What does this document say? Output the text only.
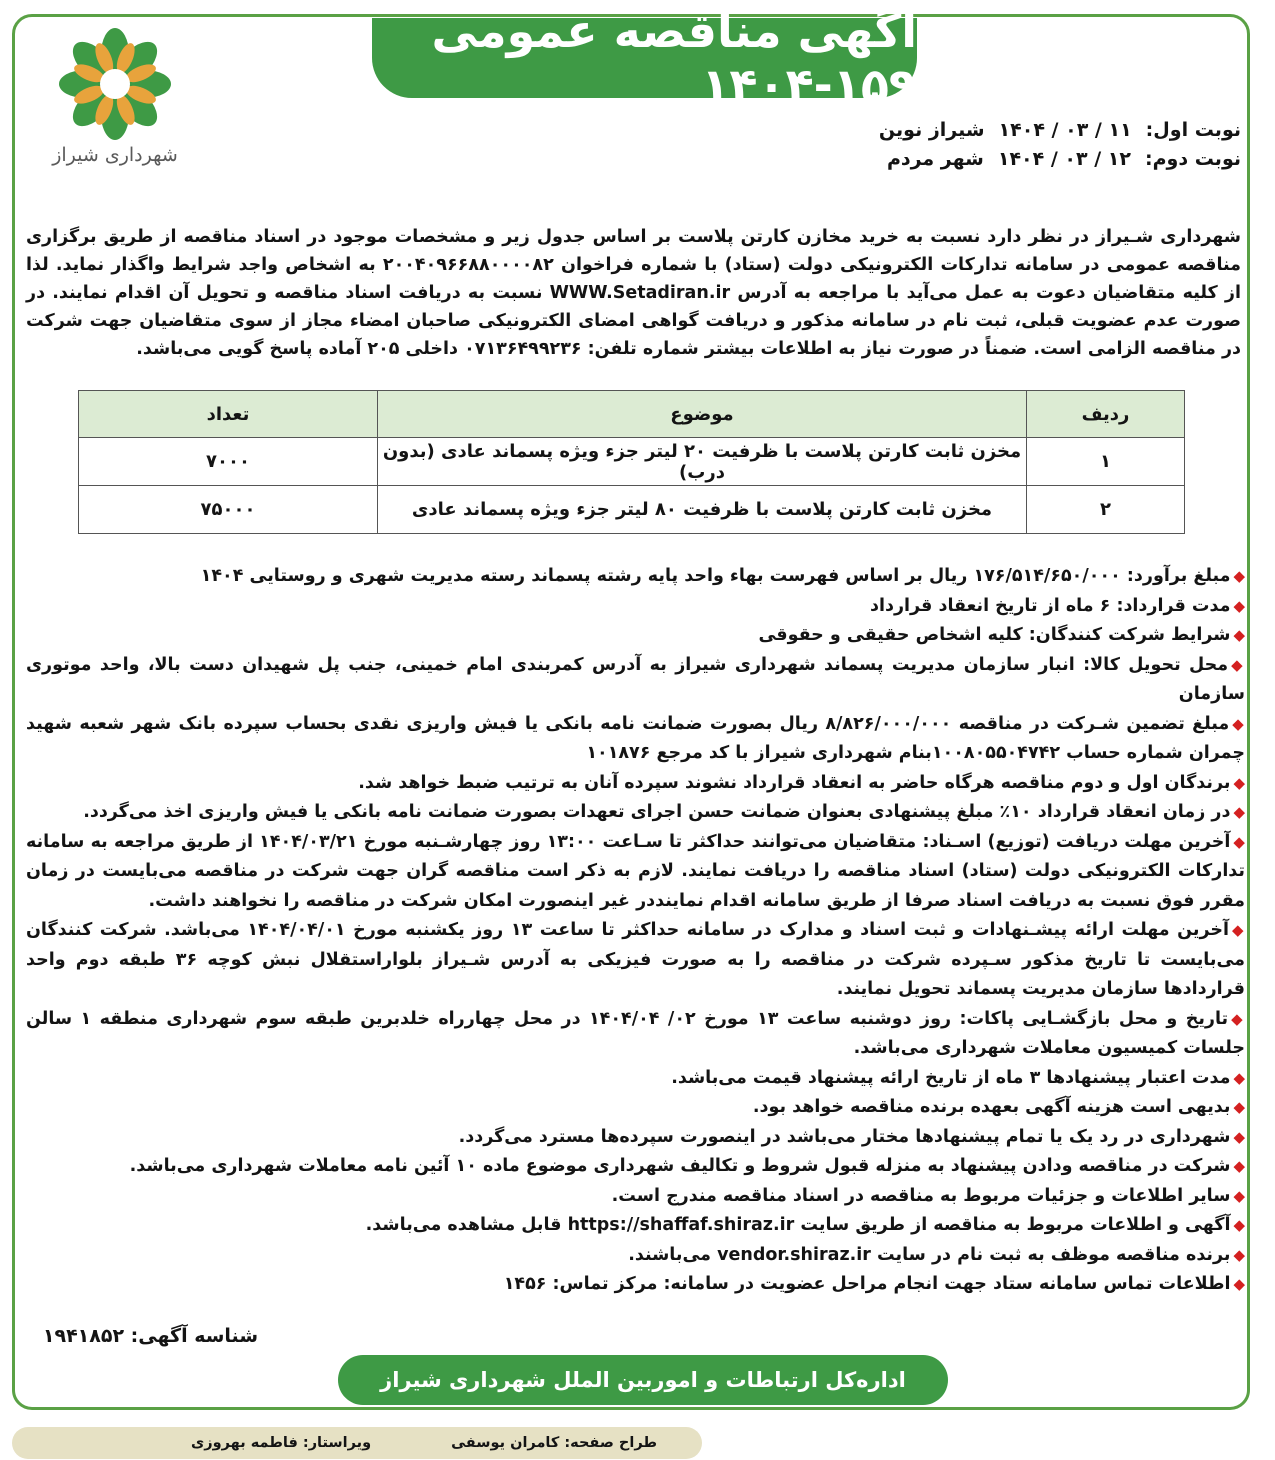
آگهی مناقصه عمومی ۱۵۹-۱۴۰۴
شهرداری شیراز
نوبت اول:۱۱ / ۰۳ / ۱۴۰۴شیراز نوین
نوبت دوم:۱۲ / ۰۳ / ۱۴۰۴شهر مردم

شهرداری شـیراز در نظر دارد نسبت به خرید مخازن کارتن پلاست بر اساس جدول زیر و مشخصات موجود در اسناد مناقصه از طریق برگزاری مناقصه عمومی در سامانه تدارکات الکترونیکی دولت (ستاد) با شماره فراخوان ۲۰۰۴۰۹۶۶۸۸۰۰۰۰۸۲ به اشخاص واجد شرایط واگذار نماید. لذا از کلیه متقاضیان دعوت به عمل می‌آید با مراجعه به آدرس WWW.Setadiran.ir نسبت به دریافت اسناد مناقصه و تحویل آن اقدام نمایند. در صورت عدم عضویت قبلی، ثبت نام در سامانه مذکور و دریافت گواهی امضای الکترونیکی صاحبان امضاء مجاز از سوی متقاضیان جهت شرکت در مناقصه الزامی است. ضمناً در صورت نیاز به اطلاعات بیشتر شماره تلفن: ۰۷۱۳۶۴۹۹۲۳۶ داخلی ۲۰۵ آماده پاسخ گویی می‌باشد.

ردیف	موضوع	تعداد
۱	مخزن ثابت کارتن پلاست با ظرفیت ۲۰ لیتر جزء ویژه پسماند عادی (بدون درب)	۷۰۰۰
۲	مخزن ثابت کارتن پلاست با ظرفیت ۸۰ لیتر جزء ویژه پسماند عادی	۷۵۰۰۰

◆مبلغ برآورد: ۱۷۶/۵۱۴/۶۵۰/۰۰۰ ریال بر اساس فهرست بهاء واحد پایه رشته پسماند رسته مدیریت شهری و روستایی ۱۴۰۴

◆مدت قرارداد: ۶ ماه از تاریخ انعقاد قرارداد

◆شرایط شرکت کنندگان: کلیه اشخاص حقیقی و حقوقی

◆محل تحویل کالا: انبار سازمان مدیریت پسماند شهرداری شیراز به آدرس کمربندی امام خمینی، جنب پل شهیدان دست بالا، واحد موتوری سازمان

◆مبلغ تضمین شـرکت در مناقصه ۸/۸۲۶/۰۰۰/۰۰۰ ریال بصورت ضمانت نامه بانکی یا فیش واریزی نقدی بحساب سپرده بانک شهر شعبه شهید چمران شماره حساب ۱۰۰۸۰۵۵۰۴۷۴۲بنام شهرداری شیراز با کد مرجع ۱۰۱۸۷۶

◆برندگان اول و دوم مناقصه هرگاه حاضر به انعقاد قرارداد نشوند سپرده آنان به ترتیب ضبط خواهد شد.

◆در زمان انعقاد قرارداد ۱۰٪ مبلغ پیشنهادی بعنوان ضمانت حسن اجرای تعهدات بصورت ضمانت نامه بانکی یا فیش واریزی اخذ می‌گردد.

◆آخرین مهلت دریافت (توزیع) اسـناد: متقاضیان می‌توانند حداکثر تا سـاعت ۱۳:۰۰ روز چهارشـنبه مورخ ۱۴۰۴/۰۳/۲۱ از طریق مراجعه به سامانه تدارکات الکترونیکی دولت (ستاد) اسناد مناقصه را دریافت نمایند. لازم به ذکر است مناقصه گران جهت شرکت در مناقصه می‌بایست در زمان مقرر فوق نسبت به دریافت اسناد صرفا از طریق سامانه اقدام نماینددر غیر اینصورت امکان شرکت در مناقصه را نخواهند داشت.

◆آخرین مهلت ارائه پیشـنهادات و ثبت اسناد و مدارک در سامانه حداکثر تا ساعت ۱۳ روز یکشنبه مورخ ۱۴۰۴/۰۴/۰۱ می‌باشد. شرکت کنندگان می‌بایست تا تاریخ مذکور سـپرده شرکت در مناقصه را به صورت فیزیکی به آدرس شـیراز بلواراستقلال نبش کوچه ۳۶ طبقه دوم واحد قراردادها سازمان مدیریت پسماند تحویل نمایند.

◆تاریخ و محل بازگشـایی پاکات: روز دوشنبه ساعت ۱۳ مورخ ۰۲/ ۱۴۰۴/۰۴ در محل چهارراه خلدبرین طبقه سوم شهرداری منطقه ۱ سالن جلسات کمیسیون معاملات شهرداری می‌باشد.

◆مدت اعتبار پیشنهادها ۳ ماه از تاریخ ارائه پیشنهاد قیمت می‌باشد.

◆بدیهی است هزینه آگهی بعهده برنده مناقصه خواهد بود.

◆شهرداری در رد یک یا تمام پیشنهادها مختار می‌باشد در اینصورت سپرده‌ها مسترد می‌گردد.

◆شرکت در مناقصه ودادن پیشنهاد به منزله قبول شروط و تکالیف شهرداری موضوع ماده ۱۰ آئین نامه معاملات شهرداری می‌باشد.

◆سایر اطلاعات و جزئیات مربوط به مناقصه در اسناد مناقصه مندرج است.

◆آگهی و اطلاعات مربوط به مناقصه از طریق سایت https://shaffaf.shiraz.ir قابل مشاهده می‌باشد.

◆برنده مناقصه موظف به ثبت نام در سایت vendor.shiraz.ir می‌باشند.

◆اطلاعات تماس سامانه ستاد جهت انجام مراحل عضویت در سامانه: مرکز تماس: ۱۴۵۶

شناسه آگهی: ۱۹۴۱۸۵۲
اداره‌کل ارتباطات و امور‌بین الملل شهرداری شیراز
طراح صفحه: کامران یوسفی
ویراستار: فاطمه بهروزی
